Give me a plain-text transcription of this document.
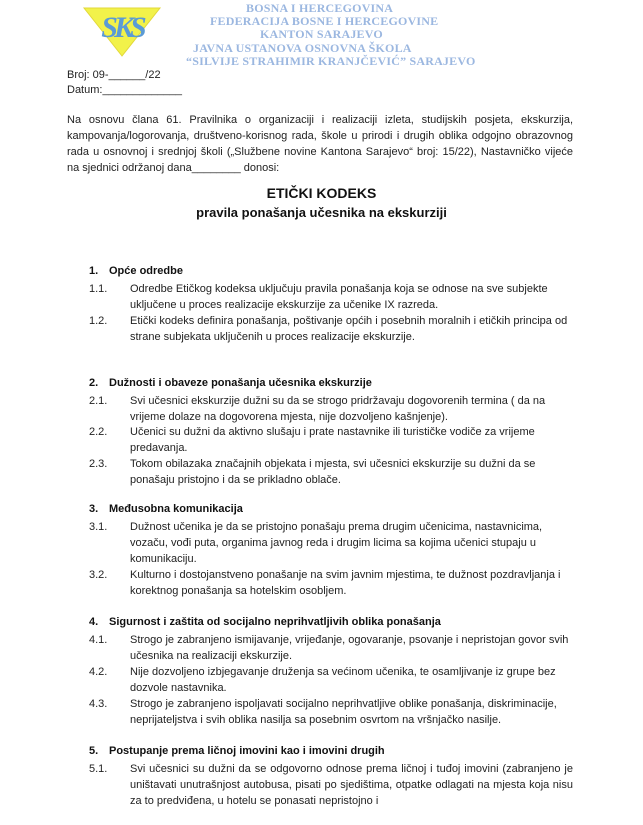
SKS
BOSNA I HERCEGOVINA
FEDERACIJA BOSNE I HERCEGOVINE
KANTON SARAJEVO
JAVNA USTANOVA OSNOVNA ŠKOLA
“SILVIJE STRAHIMIR KRANJČEVIĆ” SARAJEVO
Broj: 09-______/22
Datum:_____________
Na osnovu člana 61. Pravilnika o organizaciji i realizaciji izleta, studijskih posjeta, ekskurzija, kampovanja/logorovanja, društveno-korisnog rada, škole u prirodi i drugih oblika odgojno obrazovnog rada u osnovnoj i srednjoj školi („Službene novine Kantona Sarajevo“ broj: 15/22), Nastavničko vijeće na sjednici održanoj dana________ donosi:
ETIČKI KODEKS
pravila ponašanja učesnika na ekskurziji
1. Opće odredbe
1.1. Odredbe Etičkog kodeksa uključuju pravila ponašanja koja se odnose na sve subjekte uključene u proces realizacije ekskurzije za učenike IX razreda.
1.2. Etički kodeks definira ponašanja, poštivanje općih i posebnih moralnih i etičkih principa od strane subjekata uključenih u proces realizacije ekskurzije.
2. Dužnosti i obaveze ponašanja učesnika ekskurzije
2.1. Svi učesnici ekskurzije dužni su da se strogo pridržavaju dogovorenih termina ( da na vrijeme dolaze na dogovorena mjesta, nije dozvoljeno kašnjenje).
2.2. Učenici su dužni da aktivno slušaju i prate nastavnike ili turističke vodiče za vrijeme predavanja.
2.3. Tokom obilazaka značajnih objekata i mjesta, svi učesnici ekskurzije su dužni da se ponašaju pristojno i da se prikladno oblače.
3. Međusobna komunikacija
3.1. Dužnost učenika je da se pristojno ponašaju prema drugim učenicima, nastavnicima, vozaču, vođi puta, organima javnog reda i drugim licima sa kojima učenici stupaju u komunikaciju.
3.2. Kulturno i dostojanstveno ponašanje na svim javnim mjestima, te dužnost pozdravljanja i korektnog ponašanja sa hotelskim osobljem.
4. Sigurnost i zaštita od socijalno neprihvatljivih oblika ponašanja
4.1. Strogo je zabranjeno ismijavanje, vrijeđanje, ogovaranje, psovanje i nepristojan govor svih učesnika na realizaciji ekskurzije.
4.2. Nije dozvoljeno izbjegavanje druženja sa većinom učenika, te osamljivanje iz grupe bez dozvole nastavnika.
4.3. Strogo je zabranjeno ispoljavati socijalno neprihvatljive oblike ponašanja, diskriminacije, neprijateljstva i svih oblika nasilja sa posebnim osvrtom na vršnjačko nasilje.
5. Postupanje prema ličnoj imovini kao i imovini drugih
5.1. Svi učesnici su dužni da se odgovorno odnose prema ličnoj i tuđoj imovini (zabranjeno je uništavati unutrašnjost autobusa, pisati po sjedištima, otpatke odlagati na mjesta koja nisu za to predviđena, u hotelu se ponasati nepristojno i
